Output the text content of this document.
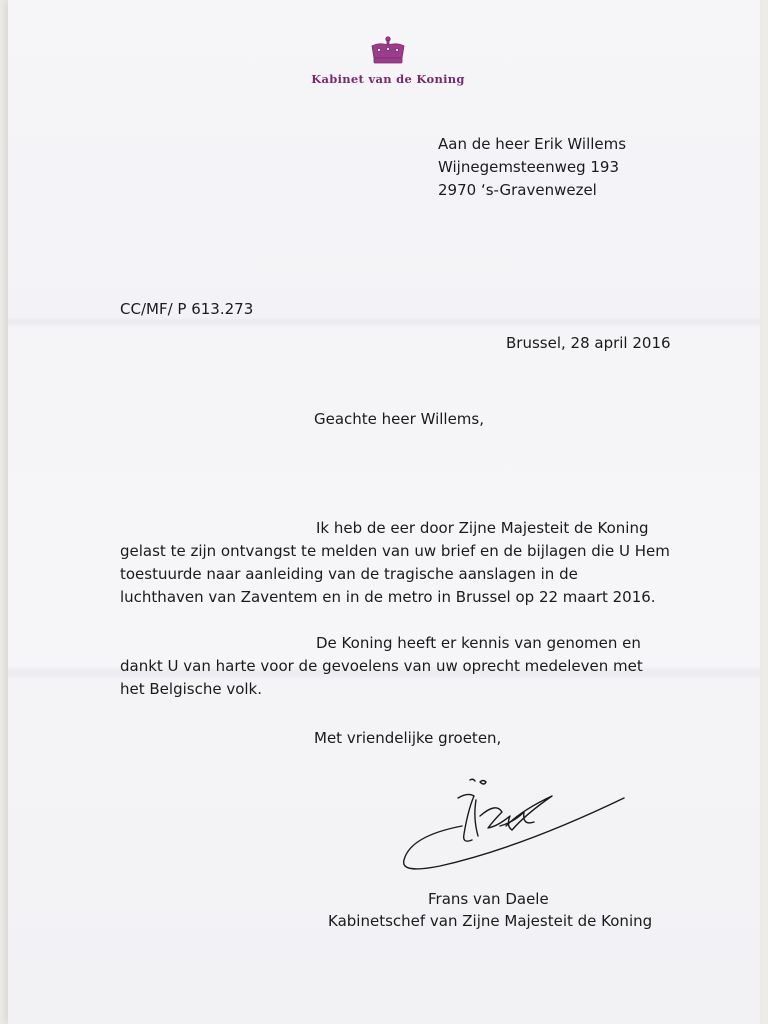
Kabinet van de Koning
Aan de heer Erik Willems
Wijnegemsteenweg 193
2970 ‘s-Gravenwezel
CC/MF/ P 613.273
Brussel, 28 april 2016
Geachte heer Willems,
Ik heb de eer door Zijne Majesteit de Koning
gelast te zijn ontvangst te melden van uw brief en de bijlagen die U Hem
toestuurde naar aanleiding van de tragische aanslagen in de
luchthaven van Zaventem en in de metro in Brussel op 22 maart 2016.
De Koning heeft er kennis van genomen en
dankt U van harte voor de gevoelens van uw oprecht medeleven met
het Belgische volk.
Met vriendelijke groeten,
Frans van Daele
Kabinetschef van Zijne Majesteit de Koning
